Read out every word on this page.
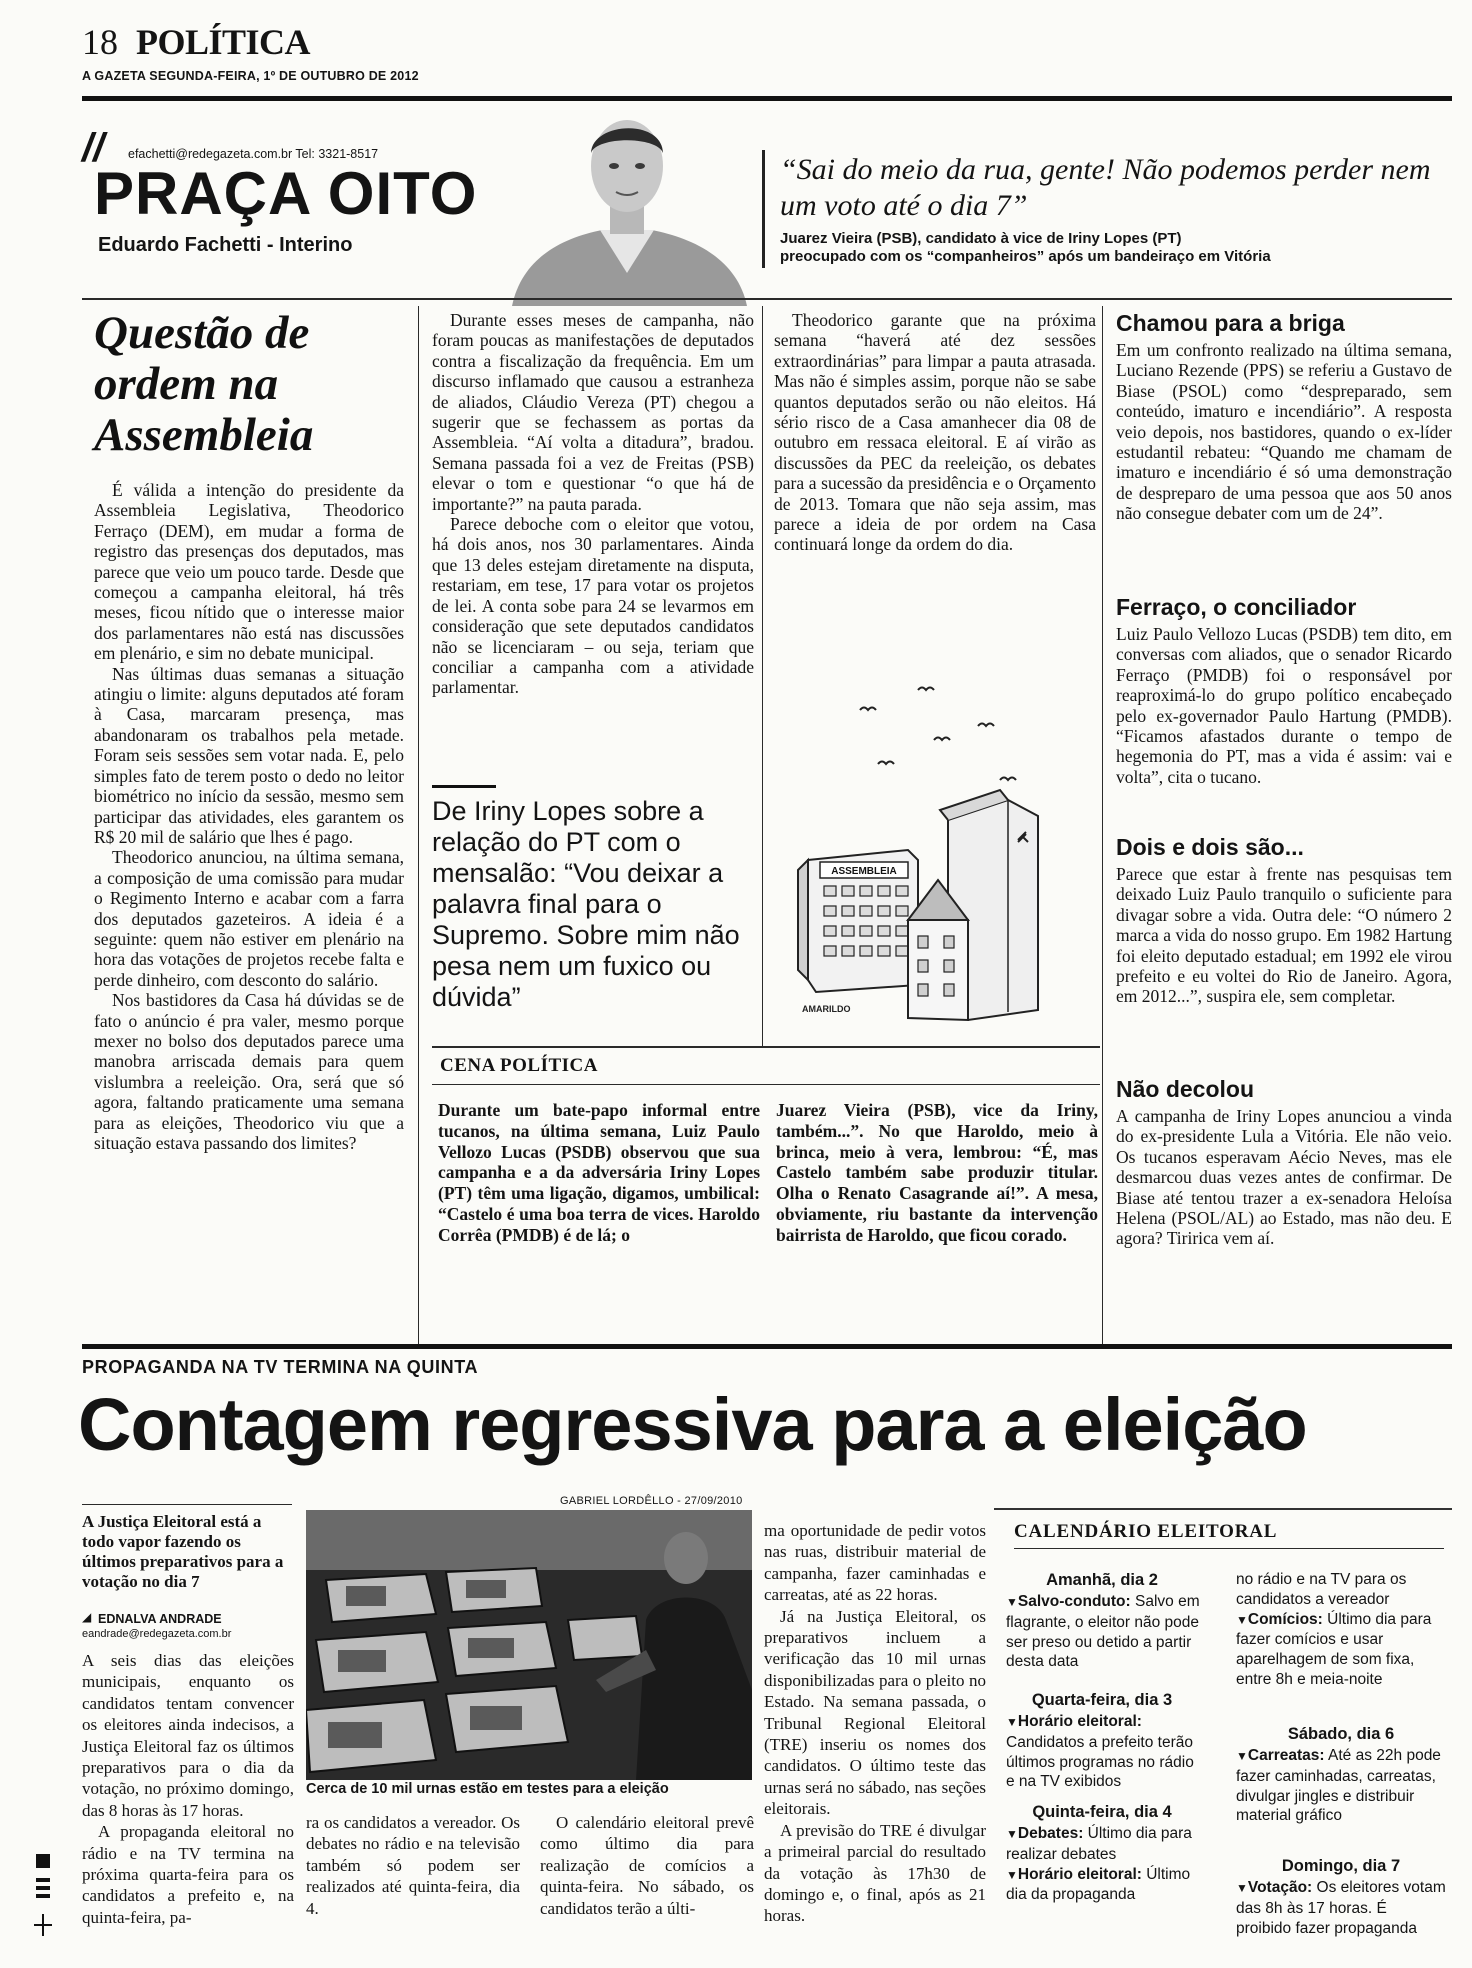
18 POLÍTICA
A GAZETA SEGUNDA-FEIRA, 1º DE OUTUBRO DE 2012
// efachetti@redegazeta.com.br Tel: 3321-8517
PRAÇA OITO
Eduardo Fachetti - Interino
“Sai do meio da rua, gente! Não podemos perder nem um voto até o dia 7”
Juarez Vieira (PSB), candidato à vice de Iriny Lopes (PT)
preocupado com os “companheiros” após um bandeiraço em Vitória
Questão de ordem na Assembleia

É válida a intenção do presidente da Assembleia Legislativa, Theodorico Ferraço (DEM), em mudar a forma de registro das presenças dos deputados, mas parece que veio um pouco tarde. Desde que começou a campanha eleitoral, há três meses, ficou nítido que o interesse maior dos parlamentares não está nas discussões em plenário, e sim no debate municipal.

Nas últimas duas semanas a situação atingiu o limite: alguns deputados até foram à Casa, marcaram presença, mas abandonaram os trabalhos pela metade. Foram seis sessões sem votar nada. E, pelo simples fato de terem posto o dedo no leitor biométrico no início da sessão, mesmo sem participar das atividades, eles garantem os R$ 20 mil de salário que lhes é pago.

Theodorico anunciou, na última semana, a composição de uma comissão para mudar o Regimento Interno e acabar com a farra dos deputados gazeteiros. A ideia é a seguinte: quem não estiver em plenário na hora das votações de projetos recebe falta e perde dinheiro, com desconto do salário.

Nos bastidores da Casa há dúvidas se de fato o anúncio é pra valer, mesmo porque mexer no bolso dos deputados parece uma manobra arriscada demais para quem vislumbra a reeleição. Ora, será que só agora, faltando praticamente uma semana para as eleições, Theodorico viu que a situação estava passando dos limites?

Durante esses meses de campanha, não foram poucas as manifestações de deputados contra a fiscalização da frequência. Em um discurso inflamado que causou a estranheza de aliados, Cláudio Vereza (PT) chegou a sugerir que se fechassem as portas da Assembleia. “Aí volta a ditadura”, bradou. Semana passada foi a vez de Freitas (PSB) elevar o tom e questionar “o que há de importante?” na pauta parada.

Parece deboche com o eleitor que votou, há dois anos, nos 30 parlamentares. Ainda que 13 deles estejam diretamente na disputa, restariam, em tese, 17 para votar os projetos de lei. A conta sobe para 24 se levarmos em consideração que sete deputados candidatos não se licenciaram – ou seja, teriam que conciliar a campanha com a atividade parlamentar.

De Iriny Lopes sobre a relação do PT com o mensalão: “Vou deixar a palavra final para o Supremo. Sobre mim não pesa nem um fuxico ou dúvida”

Theodorico garante que na próxima semana “haverá até dez sessões extraordinárias” para limpar a pauta atrasada. Mas não é simples assim, porque não se sabe quantos deputados serão ou não eleitos. Há sério risco de a Casa amanhecer dia 08 de outubro em ressaca eleitoral. E aí virão as discussões da PEC da reeleição, os debates para a sucessão da presidência e o Orçamento de 2013. Tomara que não seja assim, mas parece a ideia de por ordem na Casa continuará longe da ordem do dia.

ASSEMBLEIA
AMARILDO
Chamou para a briga
Em um confronto realizado na última semana, Luciano Rezende (PPS) se referiu a Gustavo de Biase (PSOL) como “despreparado, sem conteúdo, imaturo e incendiário”. A resposta veio depois, nos bastidores, quando o ex-líder estudantil rebateu: “Quando me chamam de imaturo e incendiário é só uma demonstração de despreparo de uma pessoa que aos 50 anos não consegue debater com um de 24”.
Ferraço, o conciliador
Luiz Paulo Vellozo Lucas (PSDB) tem dito, em conversas com aliados, que o senador Ricardo Ferraço (PMDB) foi o responsável por reaproximá-lo do grupo político encabeçado pelo ex-governador Paulo Hartung (PMDB). “Ficamos afastados durante o tempo de hegemonia do PT, mas a vida é assim: vai e volta”, cita o tucano.
Dois e dois são...
Parece que estar à frente nas pesquisas tem deixado Luiz Paulo tranquilo o suficiente para divagar sobre a vida. Outra dele: “O número 2 marca a vida do nosso grupo. Em 1982 Hartung foi eleito deputado estadual; em 1992 ele virou prefeito e eu voltei do Rio de Janeiro. Agora, em 2012...”, suspira ele, sem completar.
Não decolou
A campanha de Iriny Lopes anunciou a vinda do ex-presidente Lula a Vitória. Ele não veio. Os tucanos esperavam Aécio Neves, mas ele desmarcou duas vezes antes de confirmar. De Biase até tentou trazer a ex-senadora Heloísa Helena (PSOL/AL) ao Estado, mas não deu. E agora? Tiririca vem aí.
CENA POLÍTICA
Durante um bate-papo informal entre tucanos, na última semana, Luiz Paulo Vellozo Lucas (PSDB) observou que sua campanha e a da adversária Iriny Lopes (PT) têm uma ligação, digamos, umbilical: “Castelo é uma boa terra de vices. Haroldo Corrêa (PMDB) é de lá; o
Juarez Vieira (PSB), vice da Iriny, também...”. No que Haroldo, meio à brinca, meio à vera, lembrou: “É, mas Castelo também sabe produzir titular. Olha o Renato Casagrande aí!”. A mesa, obviamente, riu bastante da intervenção bairrista de Haroldo, que ficou corado.
PROPAGANDA NA TV TERMINA NA QUINTA
Contagem regressiva para a eleição
A Justiça Eleitoral está a todo vapor fazendo os últimos preparativos para a votação no dia 7
◢ EDNALVA ANDRADE
eandrade@redegazeta.com.br

A seis dias das eleições municipais, enquanto os candidatos tentam convencer os eleitores ainda indecisos, a Justiça Eleitoral faz os últimos preparativos para o dia da votação, no próximo domingo, das 8 horas às 17 horas.

A propaganda eleitoral no rádio e na TV termina na próxima quarta-feira para os candidatos a prefeito e, na quinta-feira, pa-

GABRIEL LORDÊLLO - 27/09/2010
Cerca de 10 mil urnas estão em testes para a eleição

ra os candidatos a vereador. Os debates no rádio e na televisão também só podem ser realizados até quinta-feira, dia 4.

O calendário eleitoral prevê como último dia para realização de comícios a quinta-feira. No sábado, os candidatos terão a últi-

ma oportunidade de pedir votos nas ruas, distribuir material de campanha, fazer caminhadas e carreatas, até as 22 horas.

Já na Justiça Eleitoral, os preparativos incluem a verificação das 10 mil urnas disponibilizadas para o pleito no Estado. Na semana passada, o Tribunal Regional Eleitoral (TRE) inseriu os nomes dos candidatos. O último teste das urnas será no sábado, nas seções eleitorais.

A previsão do TRE é divulgar a primeiral parcial do resultado da votação às 17h30 de domingo e, o final, após as 21 horas.

CALENDÁRIO ELEITORAL
Amanhã, dia 2
▼Salvo-conduto: Salvo em flagrante, o eleitor não pode ser preso ou detido a partir desta data
Quarta-feira, dia 3
▼Horário eleitoral: Candidatos a prefeito terão últimos programas no rádio e na TV exibidos
Quinta-feira, dia 4
▼Debates: Último dia para realizar debates
▼Horário eleitoral: Último dia da propaganda
no rádio e na TV para os candidatos a vereador
▼Comícios: Último dia para fazer comícios e usar aparelhagem de som fixa, entre 8h e meia-noite
Sábado, dia 6
▼Carreatas: Até as 22h pode fazer caminhadas, carreatas, divulgar jingles e distribuir material gráfico
Domingo, dia 7
▼Votação: Os eleitores votam das 8h às 17 horas. É proibido fazer propaganda
